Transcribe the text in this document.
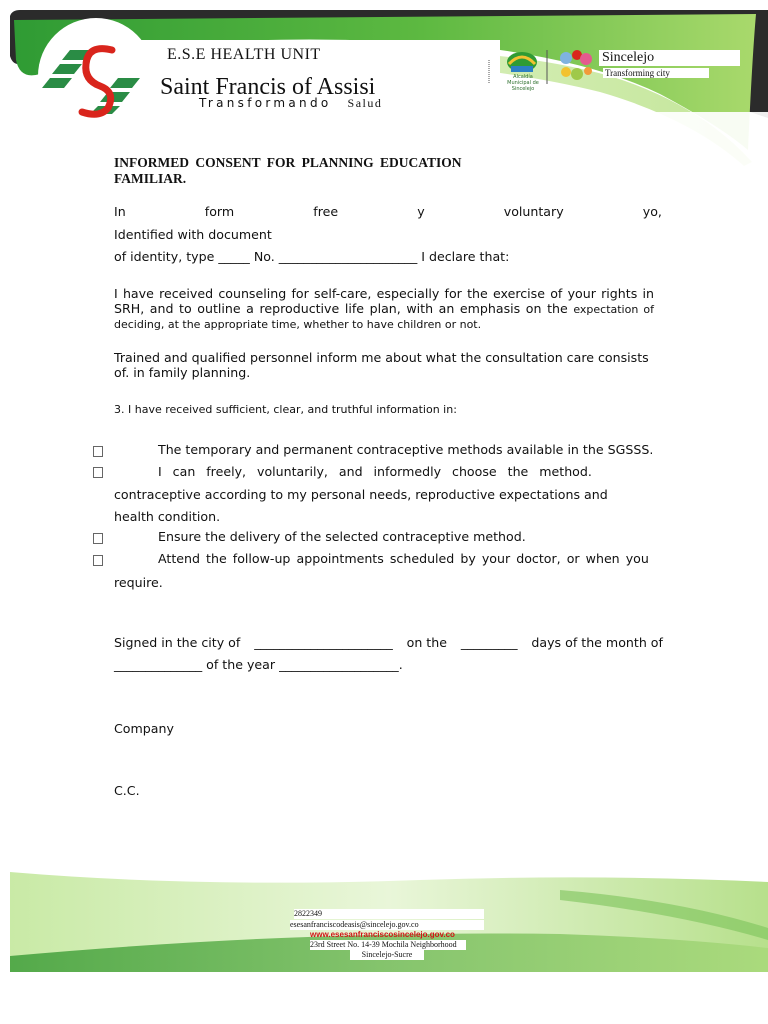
E.S.E HEALTH UNIT
Saint Francis of Assisi
Transformando Salud
Alcaldía Municipal de
Sincelejo
Sincelejo
Transforming city
INFORMED CONSENT FOR PLANNING EDUCATION FAMILIAR.
In	form	free	y	voluntary	yo,
Identified with document
of identity, type _____ No. ______________________ I declare that:
I have received counseling for self-care, especially for the exercise of your rights in SRH, and to outline a reproductive life plan, with an emphasis on the expectation of deciding, at the appropriate time, whether to have children or not.
Trained and qualified personnel inform me about what the consultation care consists of. in family planning.
3. I have received sufficient, clear, and truthful information in:
The temporary and permanent contraceptive methods available in the SGSSS.
I can freely, voluntarily, and informedly choose the method.
contraceptive according to my personal needs, reproductive expectations and
health condition.
Ensure the delivery of the selected contraceptive method.
Attend the follow-up appointments scheduled by your doctor, or when you
require.
Signed in the city of ______________________ on the _________ days of the month of
______________ of the year ___________________.
Company
C.C.
2822349
esesanfranciscodeasis@sincelejo.gov.co
www.esesanfranciscosincelejo.gov.co
23rd Street No. 14-39 Mochila Neighborhood
Sincelejo-Sucre
